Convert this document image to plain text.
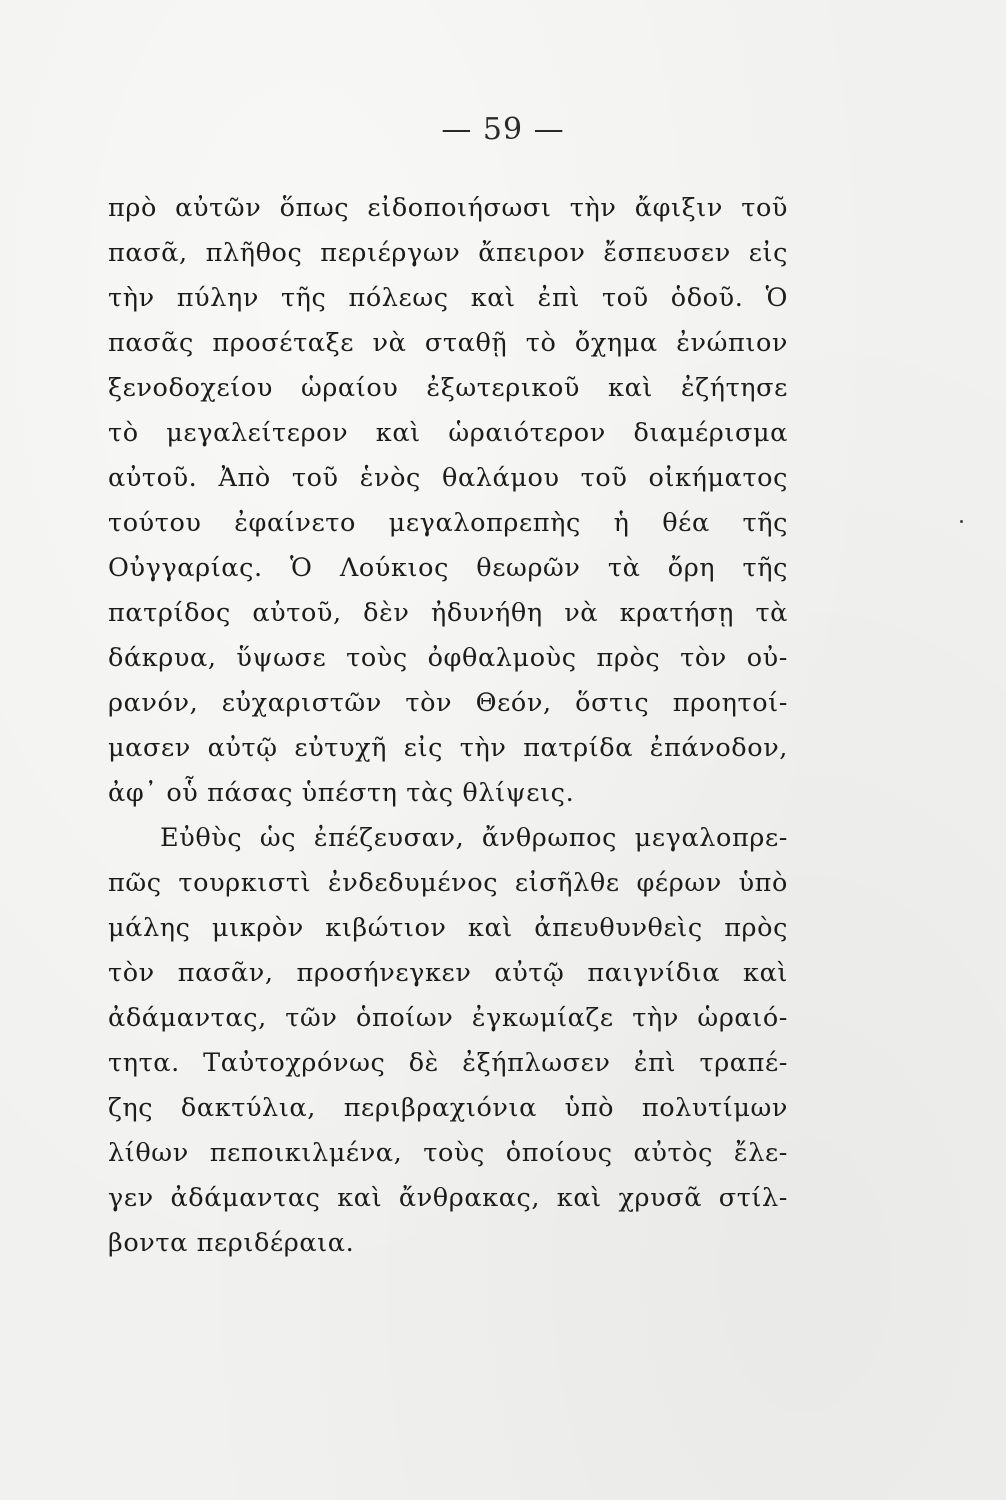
— 59 —
πρὸ αὐτῶν ὅπως εἰδοποιήσωσι τὴν ἄφιξιν τοῦ
πασᾶ, πλῆθος περιέργων ἄπειρον ἔσπευσεν εἰς
τὴν πύλην τῆς πόλεως καὶ ἐπὶ τοῦ ὁδοῦ. Ὁ
πασᾶς προσέταξε νὰ σταθῇ τὸ ὄχημα ἐνώπιον
ξενοδοχείου ὡραίου ἐξωτερικοῦ καὶ ἐζήτησε
τὸ μεγαλείτερον καὶ ὡραιότερον διαμέρισμα
αὐτοῦ. Ἀπὸ τοῦ ἑνὸς θαλάμου τοῦ οἰκήματος
τούτου ἐφαίνετο μεγαλοπρεπὴς ἡ θέα τῆς
Οὐγγαρίας. Ὁ Λούκιος θεωρῶν τὰ ὄρη τῆς
πατρίδος αὐτοῦ, δὲν ἠδυνήθη νὰ κρατήσῃ τὰ
δάκρυα, ὕψωσε τοὺς ὀφθαλμοὺς πρὸς τὸν οὐ-
ρανόν, εὐχαριστῶν τὸν Θεόν, ὅστις προητοί-
μασεν αὐτῷ εὐτυχῆ εἰς τὴν πατρίδα ἐπάνοδον,
ἀφ᾽ οὗ πάσας ὑπέστη τὰς θλίψεις.
Εὐθὺς ὡς ἐπέζευσαν, ἄνθρωπος μεγαλοπρε-
πῶς τουρκιστὶ ἐνδεδυμένος εἰσῆλθε φέρων ὑπὸ
μάλης μικρὸν κιβώτιον καὶ ἀπευθυνθεὶς πρὸς
τὸν πασᾶν, προσήνεγκεν αὐτῷ παιγνίδια καὶ
ἀδάμαντας, τῶν ὁποίων ἐγκωμίαζε τὴν ὡραιό-
τητα. Ταὐτοχρόνως δὲ ἐξήπλωσεν ἐπὶ τραπέ-
ζης δακτύλια, περιβραχιόνια ὑπὸ πολυτίμων
λίθων πεποικιλμένα, τοὺς ὁποίους αὐτὸς ἔλε-
γεν ἀδάμαντας καὶ ἄνθρακας, καὶ χρυσᾶ στίλ-
βοντα περιδέραια.
